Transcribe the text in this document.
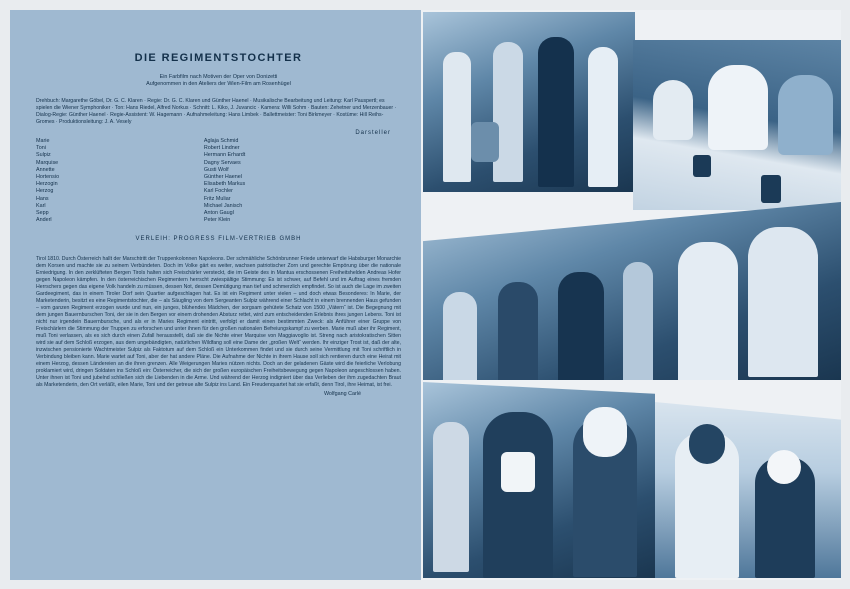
DIE REGIMENTSTOCHTER
Ein Farbfilm nach Motiven der Oper von Donizetti
Aufgenommen in den Ateliers der Wien-Film am Rosenhügel
Drehbuch: Margarethe Göbel, Dr. G. C. Klaren · Regie: Dr. G. C. Klaren und Günther Haenel · Musikalische Bearbeitung und Leitung: Karl Pauspertl; es spielen die Wiener Symphoniker · Ton: Hans Riedel, Alfred Norkus · Schnitt: L. Kiko, J. Juvancic · Kamera: Willi Sohm · Bauten: Zehetner und Merzenbauer · Dialog-Regie: Günther Haenel · Regie-Assistent: W. Hagemann · Aufnahmeleitung: Hans Limbek · Ballettmeister: Toni Birkmeyer · Kostüme: Hill Reihs-Gromes · Produktionsleitung: J. A. Vesely
Darsteller
Marie	Aglaja Schmid
Toni	Robert Lindner
Sulpiz	Hermann Erhardt
Marquise	Dagny Servaes
Annette	Gusti Wolf
Hortensio	Günther Haenel
Herzogin	Elisabeth Markus
Herzog	Karl Fochler
Hans	Fritz Muliar
Karl	Michael Janisch
Sepp	Anton Gaugl
Anderl	Peter Klein
VERLEIH: PROGRESS FILM-VERTRIEB GMBH
Tirol 1810. Durch Österreich hallt der Marschtritt der Truppenkolonnen Napoleons. Der schmähliche Schönbrunner Friede unterwarf die Habsburger Monarchie dem Korsen und machte sie zu seinem Verbündeten. Doch im Volke gärt es weiter, wachsen patriotischer Zorn und gerechte Empörung über die nationale Erniedrigung. In den zerklüfteten Bergen Tirols halten sich Freischärler versteckt, die im Geiste des in Mantua erschossenen Freiheitshelden Andreas Hofer gegen Napoleon kämpfen. In den österreichischen Regimentern herrscht zwiespältige Stimmung: Es ist schwer, auf Befehl und im Auftrag eines fremden Herrschers gegen das eigene Volk handeln zu müssen, dessen Not, dessen Demütigung man tief und schmerzlich empfindet. So ist auch die Lage im zweiten Gardeegiment, das in einem Tiroler Dorf sein Quartier aufgeschlagen hat. Es ist ein Regiment unter vielen – und doch etwas Besonderes: In Marie, der Marketenderin, besitzt es eine Regimentstochter, die – als Säugling von dem Sergeanten Sulpiz während einer Schlacht in einem brennenden Haus gefunden – vom ganzen Regiment erzogen wurde und nun, ein junges, blühendes Mädchen, der sorgsam gehütete Schatz von 1500 „Vätern“ ist. Die Begegnung mit dem jungen Bauernburschen Toni, der sie in den Bergen vor einem drohenden Absturz rettet, wird zum entscheidenden Erlebnis ihres jungen Lebens. Toni ist nicht nur irgendein Bauernbursche, und als er in Maries Regiment eintritt, verfolgt er damit einen bestimmten Zweck: als Anführer einer Gruppe von Freischärlern die Stimmung der Truppen zu erforschen und unter ihnen für den großen nationalen Befreiungskampf zu werben. Marie muß aber ihr Regiment, muß Toni verlassen, als es sich durch einen Zufall herausstellt, daß sie die Nichte einer Marquise von Maggiavoglio ist. Streng nach aristokratischen Sitten wird sie auf dem Schloß erzogen, aus dem ungebändigten, natürlichen Wildfang soll eine Dame der „großen Welt“ werden. Ihr einziger Trost ist, daß der alte, inzwischen pensionierte Wachtmeister Sulpiz als Faktotum auf dem Schloß ein Unterkommen findet und sie durch seine Vermittlung mit Toni schriftlich in Verbindung bleiben kann. Marie wartet auf Toni, aber der hat andere Pläne. Die Aufnahme der Nichte in ihrem Hause soll sich rentieren durch eine Heirat mit einem Herzog, dessen Ländereien an die ihren grenzen. Alle Weigerungen Maries nützen nichts. Doch an der geladenen Gäste wird die feierliche Verlobung proklamiert wird, dringen Soldaten ins Schloß ein: Österreicher, die sich der großen europäischen Freiheitsbewegung gegen Napoleon angeschlossen haben. Unter ihnen ist Toni und jubelnd schließen sich die Liebenden in die Arme. Und während der Herzog indigniert über das Verlieben der ihm zugedachten Braut als Marketenderin, den Ort verläßt, eilen Marie, Toni und der getreue alte Sulpiz ins Land. Ein Freudenquartet hat sie erfaßt, denn Tirol, ihre Heimat, ist frei.
Wolfgang Carlé
